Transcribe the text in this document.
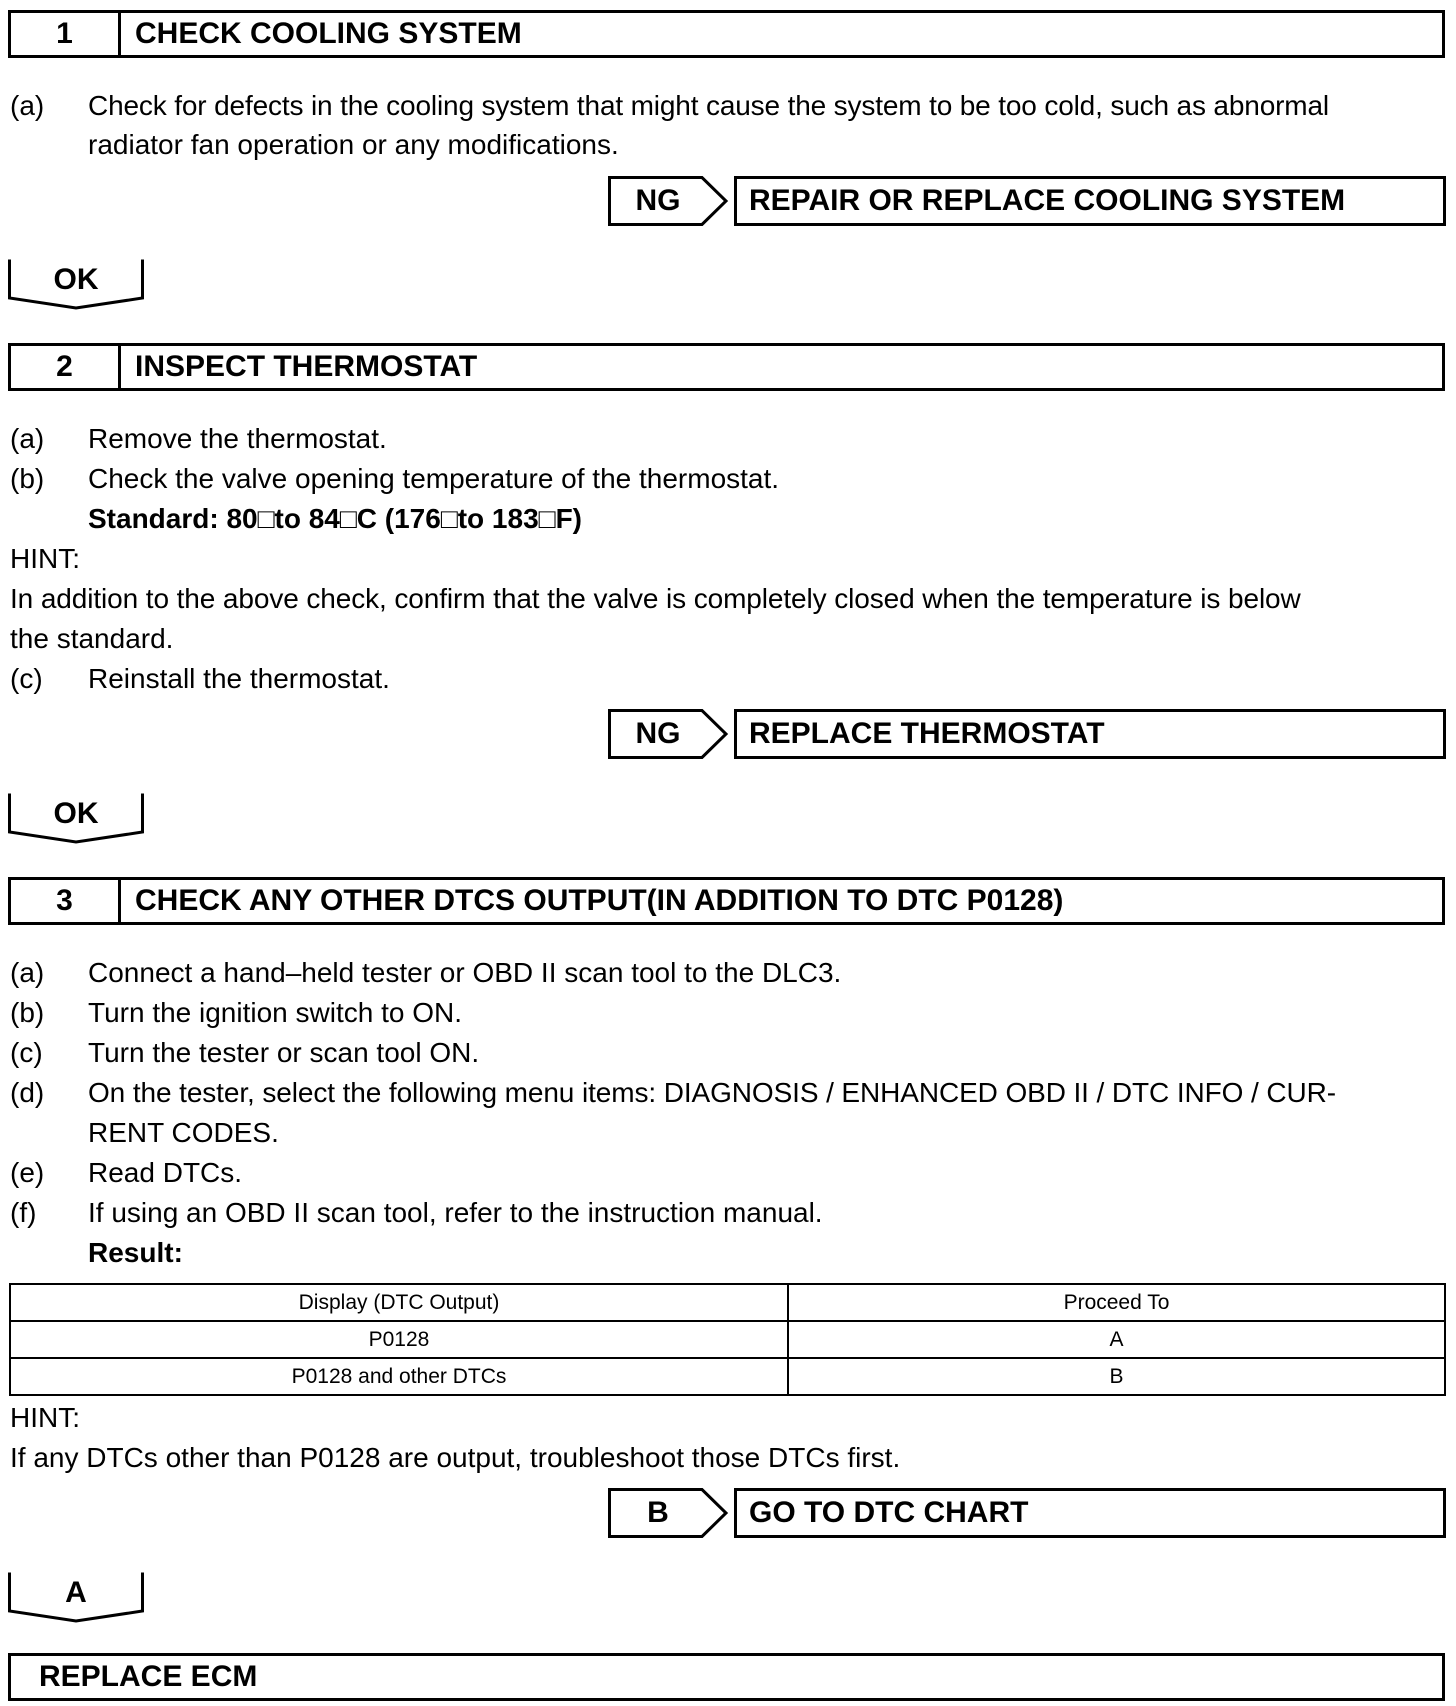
1	CHECK COOLING SYSTEM
(a) Check for defects in the cooling system that might cause the system to be too cold, such as abnormal
radiator fan operation or any modifications.
NG	REPAIR OR REPLACE COOLING SYSTEM
OK
2	INSPECT THERMOSTAT
(a) Remove the thermostat.
(b) Check the valve opening temperature of the thermostat.
Standard: 80□to 84□C (176□to 183□F)
HINT:
In addition to the above check, confirm that the valve is completely closed when the temperature is below
the standard.
(c) Reinstall the thermostat.
NG	REPLACE THERMOSTAT
OK
3	CHECK ANY OTHER DTCS OUTPUT(IN ADDITION TO DTC P0128)
(a) Connect a hand–held tester or OBD II scan tool to the DLC3.
(b) Turn the ignition switch to ON.
(c) Turn the tester or scan tool ON.
(d) On the tester, select the following menu items: DIAGNOSIS / ENHANCED OBD II / DTC INFO / CUR-
RENT CODES.
(e) Read DTCs.
(f) If using an OBD II scan tool, refer to the instruction manual.
Result:
Display (DTC Output)	Proceed To
P0128	A
P0128 and other DTCs	B
HINT:
If any DTCs other than P0128 are output, troubleshoot those DTCs first.
B	GO TO DTC CHART
A
REPLACE ECM
